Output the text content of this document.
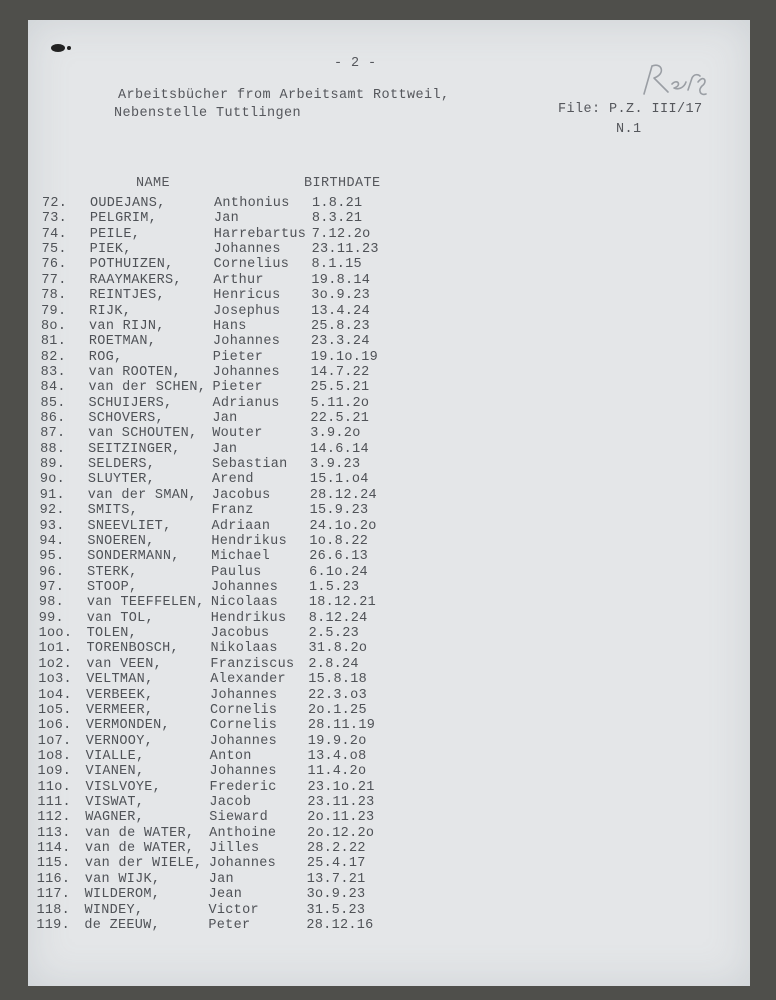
- 2 -
Arbeitsbücher from Arbeitsamt Rottweil,
Nebenstelle Tuttlingen	File: P.Z. III/17
N.1
NAME	BIRTHDATE
72.	OUDEJANS,	Anthonius 1.8.21
73.	PELGRIM,	Jan	8.3.21
74.	PEILE,	Harrebartus 7.12.2o
75.	PIEK,	Johannes 23.11.23
76.	POTHUIZEN,	Cornelius 8.1.15
77.	RAAYMAKERS, Arthur	19.8.14
78.	REINTJES,	Henricus 3o.9.23
79.	RIJK,	Josephus 13.4.24
8o.	van RIJN,	Hans	25.8.23
81.	ROETMAN,	Johannes 23.3.24
82.	ROG,	Pieter	19.1o.19
83.	van ROOTEN, Johannes 14.7.22
84.	van der SCHEN, Pieter	25.5.21
85.	SCHUIJERS,	Adrianus 5.11.2o
86.	SCHOVERS,	Jan	22.5.21
87.	van SCHOUTEN, Wouter	3.9.2o
88.	SEITZINGER, Jan	14.6.14
89.	SELDERS,	Sebastian 3.9.23
9o.	SLUYTER,	Arend	15.1.o4
91.	van der SMAN, Jacobus	28.12.24
92.	SMITS,	Franz	15.9.23
93.	SNEEVLIET,	Adriaan	24.1o.2o
94.	SNOEREN,	Hendrikus 1o.8.22
95.	SONDERMANN, Michael	26.6.13
96.	STERK,	Paulus	6.1o.24
97.	STOOP,	Johannes 1.5.23
98.	van TEEFFELEN, Nicolaas 18.12.21
99.	van TOL,	Hendrikus 8.12.24
1oo.	TOLEN,	Jacobus	2.5.23
1o1.	TORENBOSCH, Nikolaas 31.8.2o
1o2.	van VEEN,	Franziscus 2.8.24
1o3.	VELTMAN,	Alexander 15.8.18
1o4.	VERBEEK,	Johannes 22.3.o3
1o5.	VERMEER,	Cornelis 2o.1.25
1o6.	VERMONDEN,	Cornelis 28.11.19
1o7.	VERNOOY,	Johannes 19.9.2o
1o8.	VIALLE,	Anton	13.4.o8
1o9.	VIANEN,	Johannes 11.4.2o
11o.	VISLVOYE,	Frederic 23.1o.21
111.	VISWAT,	Jacob	23.11.23
112.	WAGNER,	Sieward	2o.11.23
113.	van de WATER, Anthoine 2o.12.2o
114.	van de WATER, Jilles	28.2.22
115.	van der WIELE, Johannes 25.4.17
116.	van WIJK,	Jan	13.7.21
117.	WILDEROM,	Jean	3o.9.23
118.	WINDEY,	Victor	31.5.23
119.	de ZEEUW,	Peter	28.12.16
